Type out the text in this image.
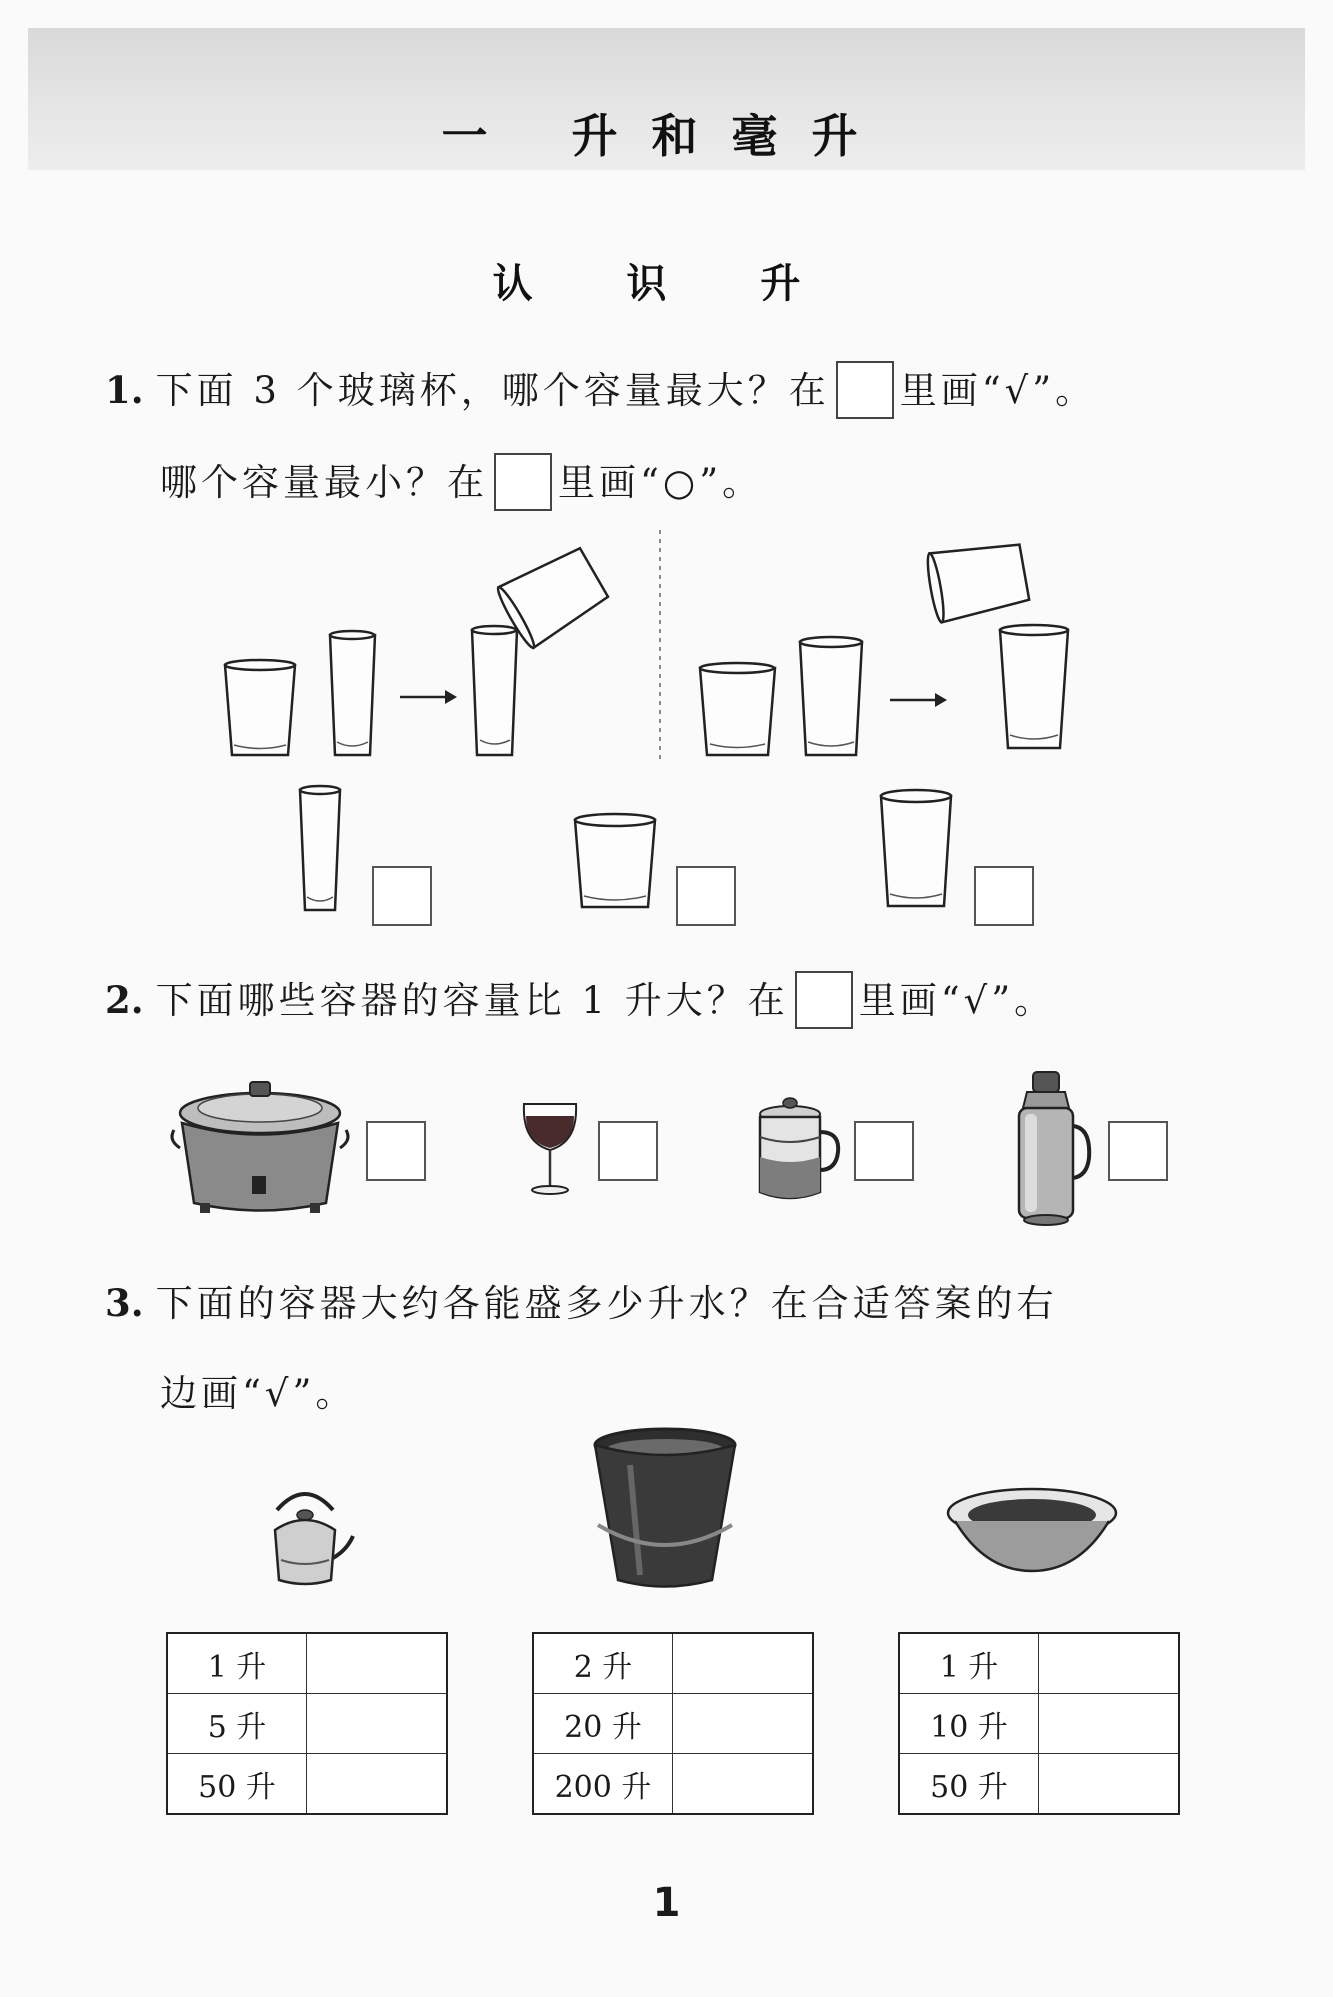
一 升和毫升
认 识 升
1. 下面 3 个玻璃杯，哪个容量最大？在 里画“√”。
哪个容量最小？在 里画“○”。
2. 下面哪些容器的容量比 1 升大？在 里画“√”。
3. 下面的容器大约各能盛多少升水？在合适答案的右
边画“√”。
1 升	
5 升	
50 升	
2 升	
20 升	
200 升	
1 升	
10 升	
50 升	
1
